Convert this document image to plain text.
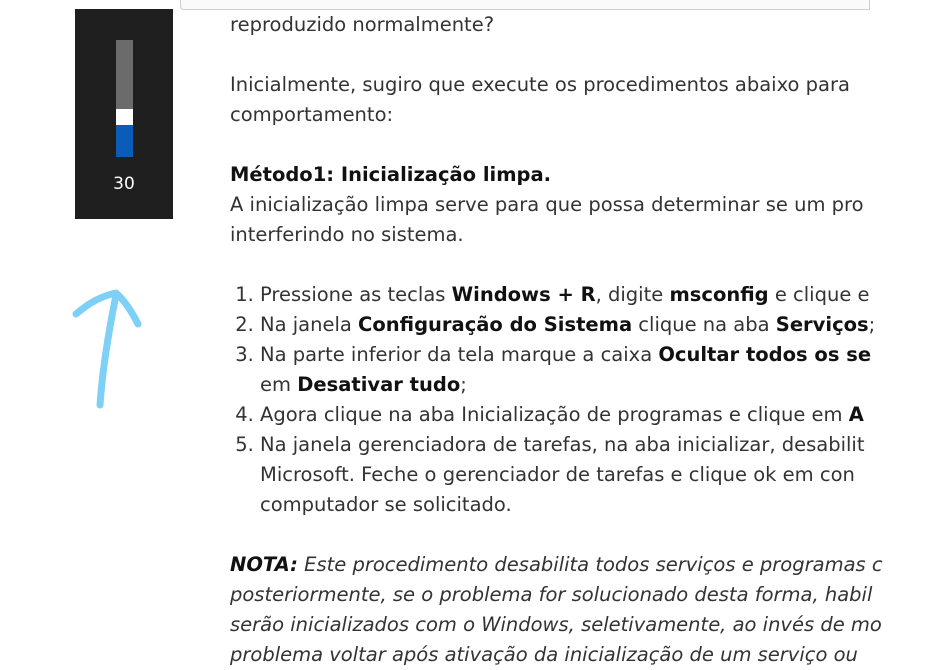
30

reproduzido normalmente?

Inicialmente, sugiro que execute os procedimentos abaixo para

comportamento:

Método1: Inicialização limpa.

A inicialização limpa serve para que possa determinar se um pro

interferindo no sistema.

1. Pressione as teclas Windows + R, digite msconfig e clique e
2. Na janela Configuração do Sistema clique na aba Serviços;
3. Na parte inferior da tela marque a caixa Ocultar todos os se
em Desativar tudo;
4. Agora clique na aba Inicialização de programas e clique em A
5. Na janela gerenciadora de tarefas, na aba inicializar, desabilit
Microsoft. Feche o gerenciador de tarefas e clique ok em con
computador se solicitado.

NOTA: Este procedimento desabilita todos serviços e programas c

posteriormente, se o problema for solucionado desta forma, habil

serão inicializados com o Windows, seletivamente, ao invés de mo

problema voltar após ativação da inicialização de um serviço ou
